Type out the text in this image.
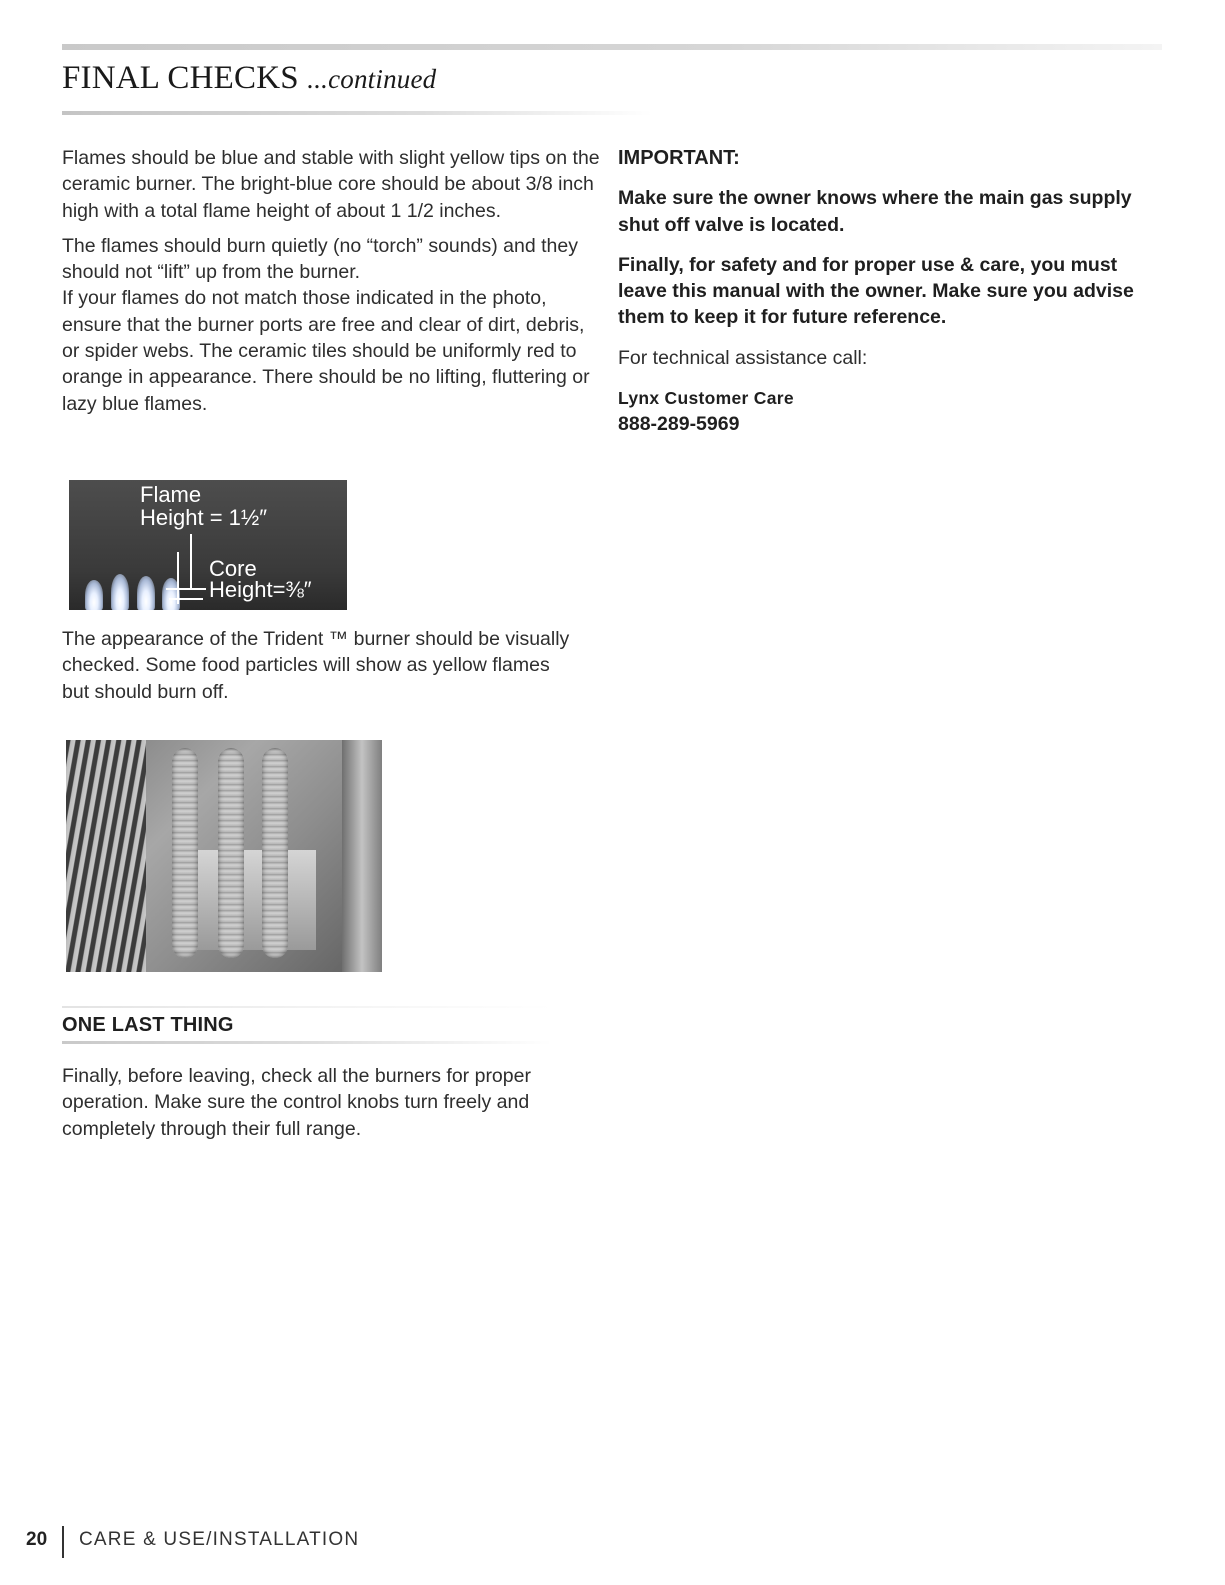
FINAL CHECKS ...continued

Flames should be blue and stable with slight yellow tips on the ceramic burner. The bright-blue core should be about 3/8 inch high with a total flame height of about 1 1/2 inches.

The flames should burn quietly (no “torch” sounds) and they should not “lift” up from the burner.

If your flames do not match those indicated in the photo, ensure that the burner ports are free and clear of dirt, debris, or spider webs. The ceramic tiles should be uniformly red to orange in appearance. There should be no lifting, fluttering or lazy blue flames.

Flame
Height = 1½″
Core
Height=⅜″

The appearance of the Trident ™ burner should be visually checked. Some food particles will show as yellow flames but should burn off.

ONE LAST THING

Finally, before leaving, check all the burners for proper operation. Make sure the control knobs turn freely and completely through their full range.

IMPORTANT:

Make sure the owner knows where the main gas supply shut off valve is located.

Finally, for safety and for proper use & care, you must leave this manual with the owner. Make sure you advise them to keep it for future reference.

For technical assistance call:

Lynx Customer Care

888-289-5969

20 CARE & USE/INSTALLATION
